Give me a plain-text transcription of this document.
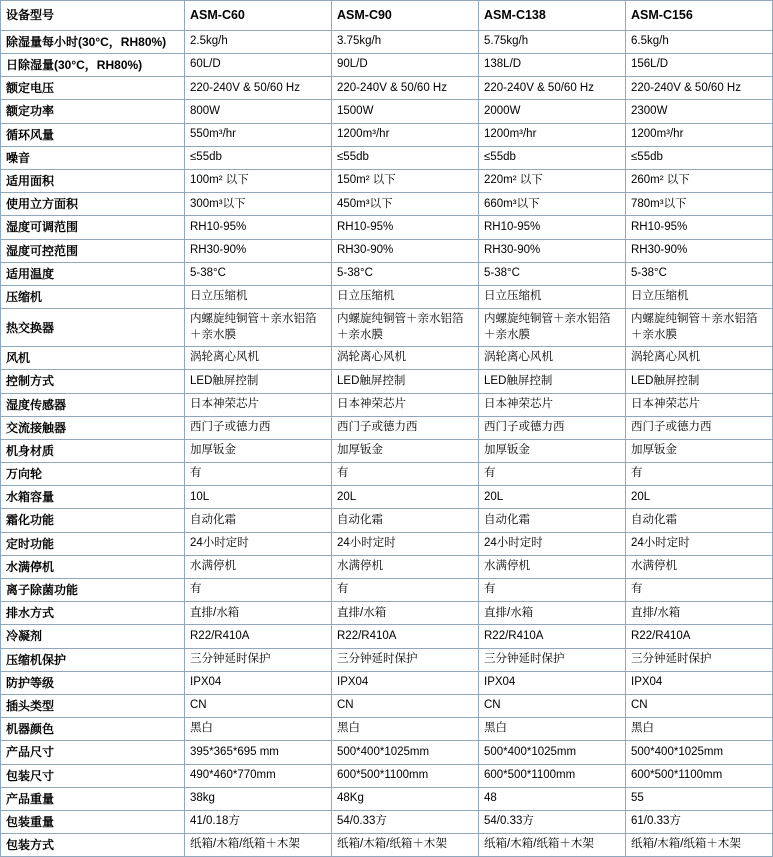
设备型号	ASM-C60	ASM-C90	ASM-C138	ASM-C156
除湿量每小时(30°C，RH80%)	2.5kg/h	3.75kg/h	5.75kg/h	6.5kg/h
日除湿量(30°C，RH80%)	60L/D	90L/D	138L/D	156L/D
额定电压	220-240V & 50/60 Hz	220-240V & 50/60 Hz	220-240V & 50/60 Hz	220-240V & 50/60 Hz
额定功率	800W	1500W	2000W	2300W
循环风量	550m³/hr	1200m³/hr	1200m³/hr	1200m³/hr
噪音	≤55db	≤55db	≤55db	≤55db
适用面积	100m² 以下	150m² 以下	220m² 以下	260m² 以下
使用立方面积	300m³以下	450m³以下	660m³以下	780m³以下
湿度可调范围	RH10-95%	RH10-95%	RH10-95%	RH10-95%
湿度可控范围	RH30-90%	RH30-90%	RH30-90%	RH30-90%
适用温度	5-38°C	5-38°C	5-38°C	5-38°C
压缩机	日立压缩机	日立压缩机	日立压缩机	日立压缩机
热交换器	内螺旋纯铜管＋亲水铝箔＋亲水膜	内螺旋纯铜管＋亲水铝箔＋亲水膜	内螺旋纯铜管＋亲水铝箔＋亲水膜	内螺旋纯铜管＋亲水铝箔＋亲水膜
风机	涡轮离心风机	涡轮离心风机	涡轮离心风机	涡轮离心风机
控制方式	LED触屏控制	LED触屏控制	LED触屏控制	LED触屏控制
湿度传感器	日本神荣芯片	日本神荣芯片	日本神荣芯片	日本神荣芯片
交流接触器	西门子或德力西	西门子或德力西	西门子或德力西	西门子或德力西
机身材质	加厚钣金	加厚钣金	加厚钣金	加厚钣金
万向轮	有	有	有	有
水箱容量	10L	20L	20L	20L
霜化功能	自动化霜	自动化霜	自动化霜	自动化霜
定时功能	24小时定时	24小时定时	24小时定时	24小时定时
水满停机	水满停机	水满停机	水满停机	水满停机
离子除菌功能	有	有	有	有
排水方式	直排/水箱	直排/水箱	直排/水箱	直排/水箱
冷凝剂	R22/R410A	R22/R410A	R22/R410A	R22/R410A
压缩机保护	三分钟延时保护	三分钟延时保护	三分钟延时保护	三分钟延时保护
防护等级	IPX04	IPX04	IPX04	IPX04
插头类型	CN	CN	CN	CN
机器颜色	黑白	黑白	黑白	黑白
产品尺寸	395*365*695 mm	500*400*1025mm	500*400*1025mm	500*400*1025mm
包装尺寸	490*460*770mm	600*500*1100mm	600*500*1100mm	600*500*1100mm
产品重量	38kg	48Kg	48	55
包装重量	41/0.18方	54/0.33方	54/0.33方	61/0.33方
包装方式	纸箱/木箱/纸箱＋木架	纸箱/木箱/纸箱＋木架	纸箱/木箱/纸箱＋木架	纸箱/木箱/纸箱＋木架
